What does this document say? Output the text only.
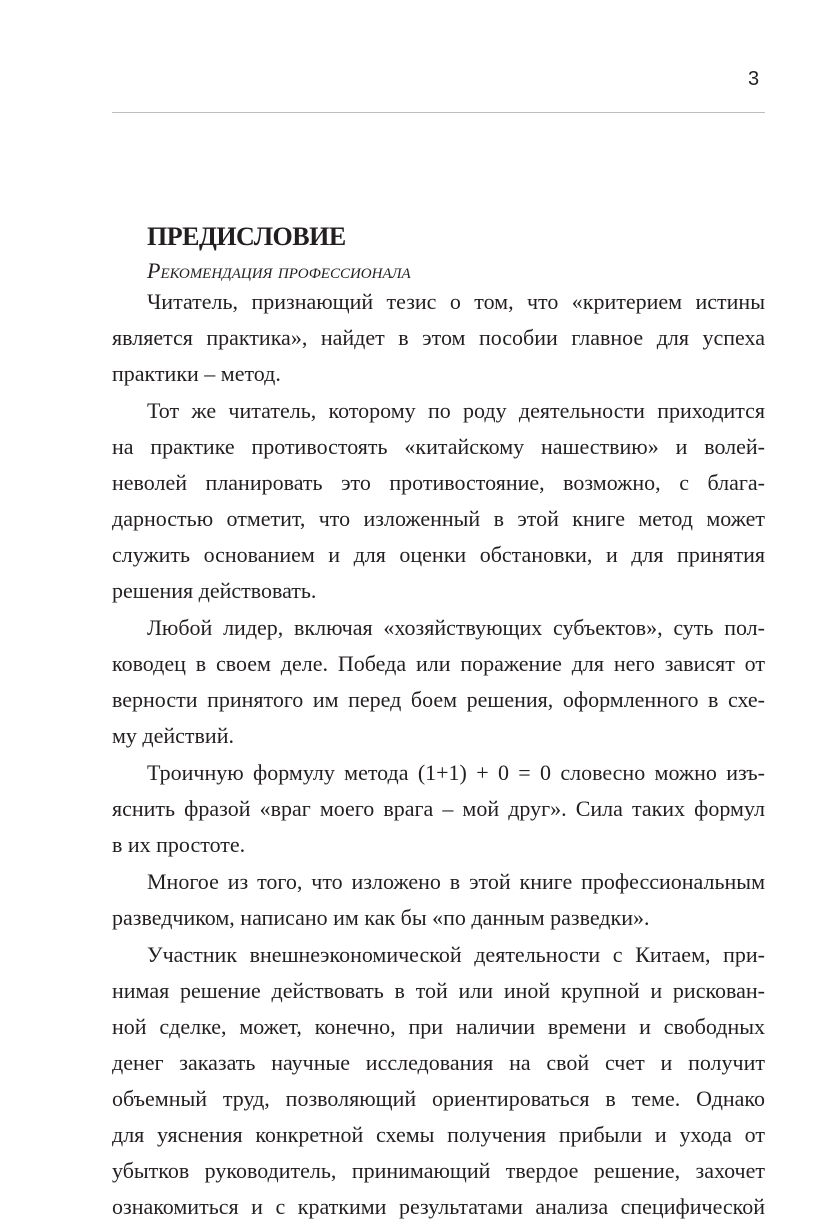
3
ПРЕДИСЛОВИЕ
Рекомендация профессионала
Читатель, признающий тезис о том, что «критерием истины
является практика», найдет в этом пособии главное для успеха
практики – метод.
Тот же читатель, которому по роду деятельности приходится
на практике противостоять «китайскому нашествию» и волей-
неволей планировать это противостояние, возможно, с блага-
дарностью отметит, что изложенный в этой книге метод может
служить основанием и для оценки обстановки, и для принятия
решения действовать.
Любой лидер, включая «хозяйствующих субъектов», суть пол-
ководец в своем деле. Победа или поражение для него зависят от
верности принятого им перед боем решения, оформленного в схе-
му действий.
Троичную формулу метода (1+1) + 0 = 0 словесно можно изъ-
яснить фразой «враг моего врага – мой друг». Сила таких формул
в их простоте.
Многое из того, что изложено в этой книге профессиональным
разведчиком, написано им как бы «по данным разведки».
Участник внешнеэкономической деятельности с Китаем, при-
нимая решение действовать в той или иной крупной и рискован-
ной сделке, может, конечно, при наличии времени и свободных
денег заказать научные исследования на свой счет и получит
объемный труд, позволяющий ориентироваться в теме. Однако
для уяснения конкретной схемы получения прибыли и ухода от
убытков руководитель, принимающий твердое решение, захочет
ознакомиться и с краткими результатами анализа специфической
